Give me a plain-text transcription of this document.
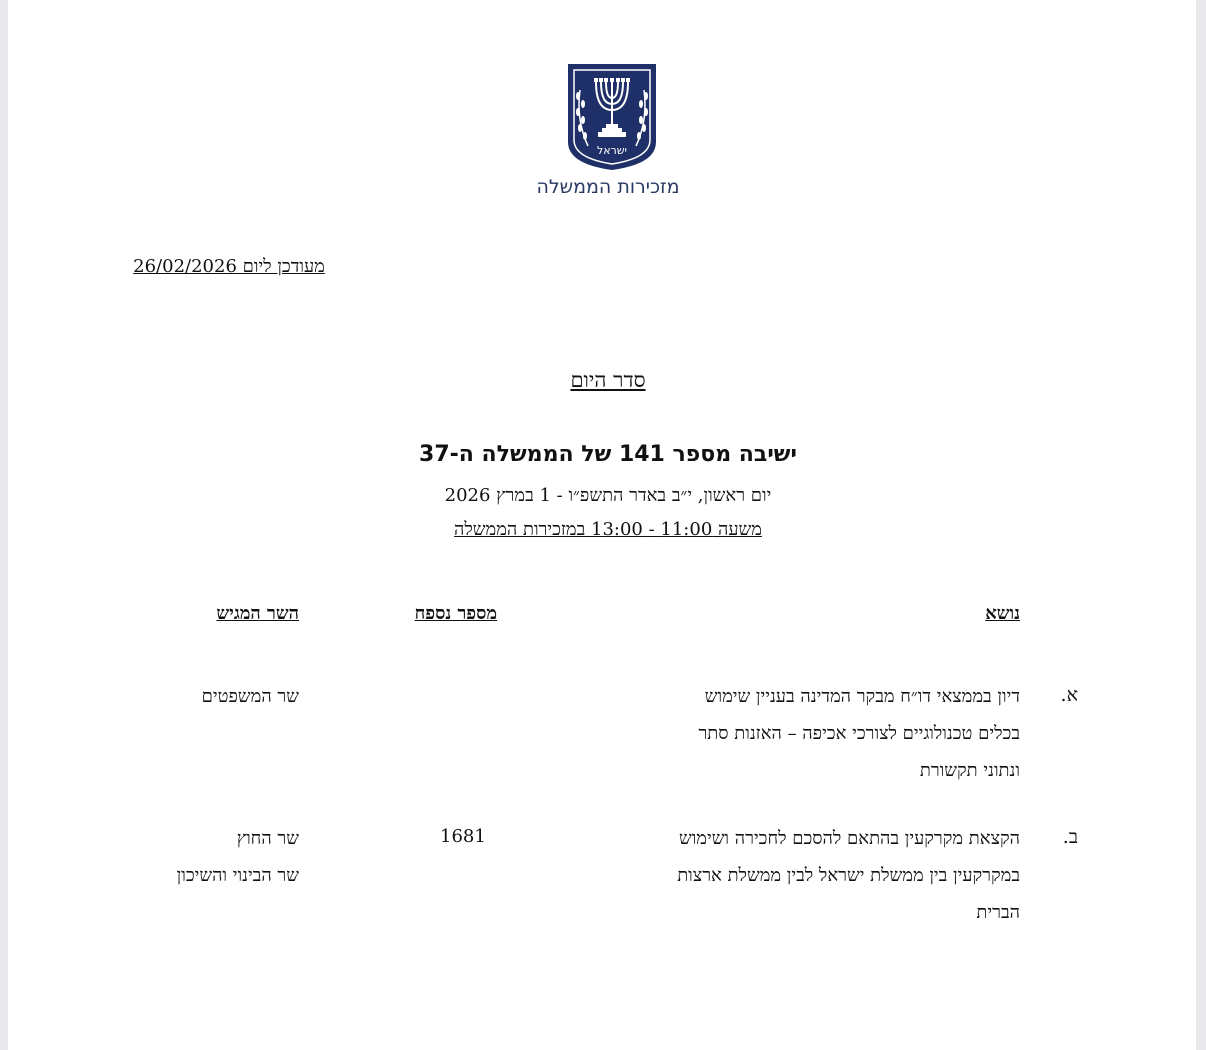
ישראל
מזכירות הממשלה
מעודכן ליום 26/02/2026
סדר היום
ישיבה מספר 141 של הממשלה ה-37
יום ראשון, י״ב באדר התשפ״ו - 1 במרץ 2026
משעה 11:00 - 13:00 במזכירות הממשלה
נושא
מספר נספח
השר המגיש
א.
דיון בממצאי דו״ח מבקר המדינה בעניין שימוש
בכלים טכנולוגיים לצורכי אכיפה – האזנות סתר
ונתוני תקשורת
שר המשפטים
ב.
הקצאת מקרקעין בהתאם להסכם לחכירה ושימוש
במקרקעין בין ממשלת ישראל לבין ממשלת ארצות
הברית
1681
שר החוץ
שר הבינוי והשיכון
